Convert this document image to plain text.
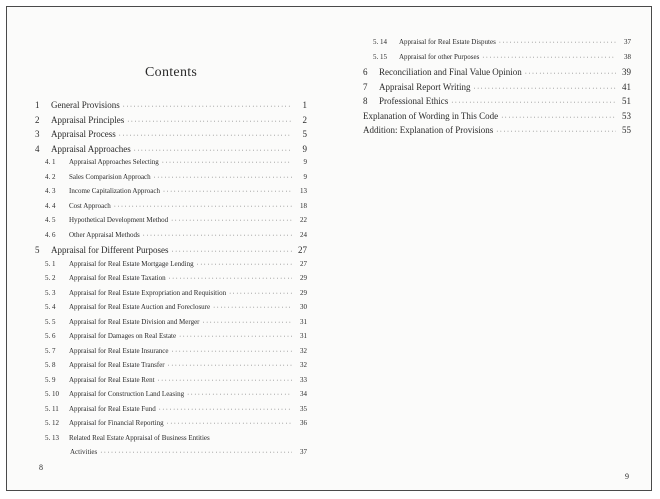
Contents
1	General Provisions ·····	1
2	Appraisal Principles ·····	2
3	Appraisal Process ·····	5
4	Appraisal Approaches ·····	9
4. 1	Appraisal Approaches Selecting ·····	9
4. 2	Sales Comparision Approach ·····	9
4. 3	Income Capitalization Approach ·····	13
4. 4	Cost Approach ·····	18
4. 5	Hypothetical Development Method ·····	22
4. 6	Other Appraisal Methods ·····	24
5	Appraisal for Different Purposes ·····	27
5. 1	Appraisal for Real Estate Mortgage Lending ·····	27
5. 2	Appraisal for Real Estate Taxation ·····	29
5. 3	Appraisal for Real Estate Expropriation and Requisition ·····	29
5. 4	Appraisal for Real Estate Auction and Foreclosure ·····	30
5. 5	Appraisal for Real Estate Division and Merger ·····	31
5. 6	Appraisal for Damages on Real Estate ·····	31
5. 7	Appraisal for Real Estate Insurance ·····	32
5. 8	Appraisal for Real Estate Transfer ·····	32
5. 9	Appraisal for Real Estate Rent ·····	33
5. 10	Appraisal for Construction Land Leasing ·····	34
5. 11	Appraisal for Real Estate Fund ·····	35
5. 12	Appraisal for Financial Reporting ·····	36
5. 13	Related Real Estate Appraisal of Business Entities
Activities ·····	37
8
5. 14	Appraisal for Real Estate Disputes ·····	37
5. 15	Appraisal for other Purposes ·····	38
6	Reconciliation and Final Value Opinion ·····	39
7	Appraisal Report Writing ·····	41
8	Professional Ethics ·····	51
Explanation of Wording in This Code ·····	53
Addition: Explanation of Provisions ·····	55
9
